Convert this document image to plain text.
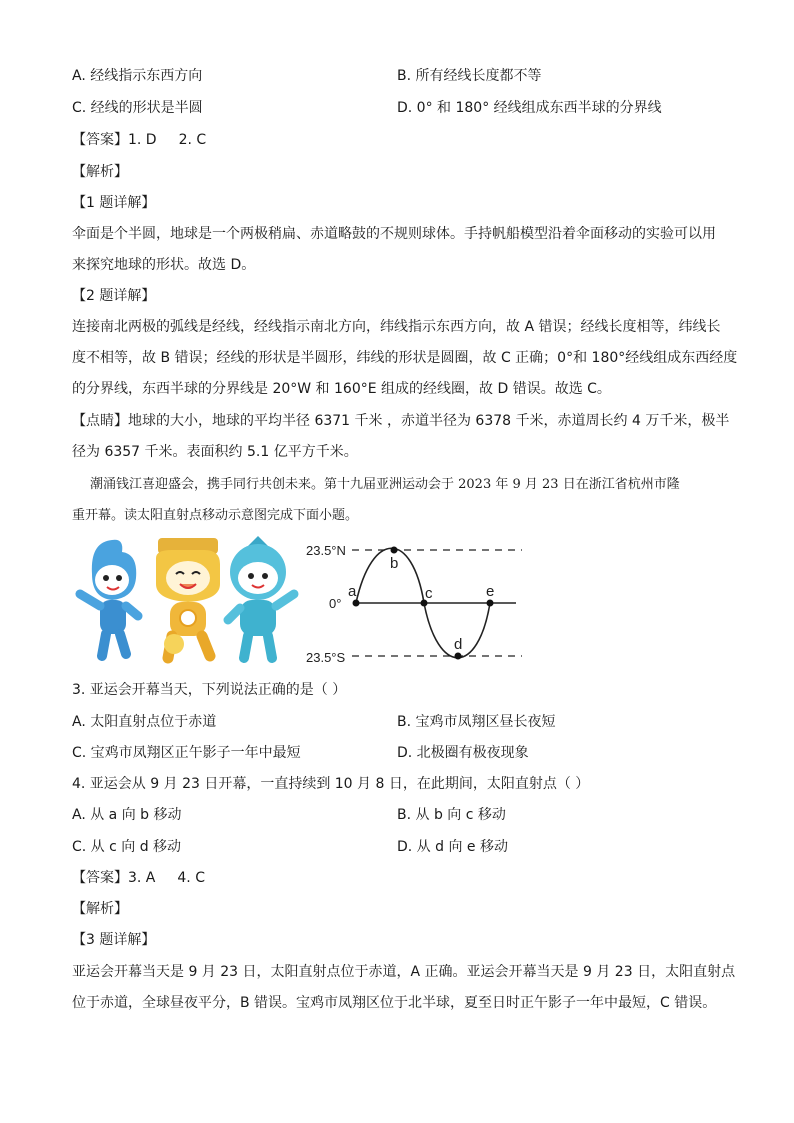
A. 经线指示东西方向	B. 所有经线长度都不等
C. 经线的形状是半圆	D. 0° 和 180° 经线组成东西半球的分界线
【答案】1. D 2. C
【解析】
【1 题详解】
伞面是个半圆，地球是一个两极稍扁、赤道略鼓的不规则球体。手持帆船模型沿着伞面移动的实验可以用
来探究地球的形状。故选 D。
【2 题详解】
连接南北两极的弧线是经线，经线指示南北方向，纬线指示东西方向，故 A 错误；经线长度相等，纬线长
度不相等，故 B 错误；经线的形状是半圆形，纬线的形状是圆圈，故 C 正确；0°和 180°经线组成东西经度
的分界线，东西半球的分界线是 20°W 和 160°E 组成的经线圈，故 D 错误。故选 C。
【点睛】地球的大小，地球的平均半径 6371 千米 ，赤道半径为 6378 千米，赤道周长约 4 万千米，极半
径为 6357 千米。表面积约 5.1 亿平方千米。
潮涌钱江喜迎盛会，携手同行共创未来。第十九届亚洲运动会于 2023 年 9 月 23 日在浙江省杭州市隆
重开幕。读太阳直射点移动示意图完成下面小题。
23.5°N
0°
23.5°S
a
b
c
d
e
3. 亚运会开幕当天，下列说法正确的是（ ）
A. 太阳直射点位于赤道	B. 宝鸡市凤翔区昼长夜短
C. 宝鸡市凤翔区正午影子一年中最短	D. 北极圈有极夜现象
4. 亚运会从 9 月 23 日开幕，一直持续到 10 月 8 日，在此期间，太阳直射点（ ）
A. 从 a 向 b 移动	B. 从 b 向 c 移动
C. 从 c 向 d 移动	D. 从 d 向 e 移动
【答案】3. A 4. C
【解析】
【3 题详解】
亚运会开幕当天是 9 月 23 日，太阳直射点位于赤道，A 正确。亚运会开幕当天是 9 月 23 日，太阳直射点
位于赤道，全球昼夜平分，B 错误。宝鸡市凤翔区位于北半球，夏至日时正午影子一年中最短，C 错误。
